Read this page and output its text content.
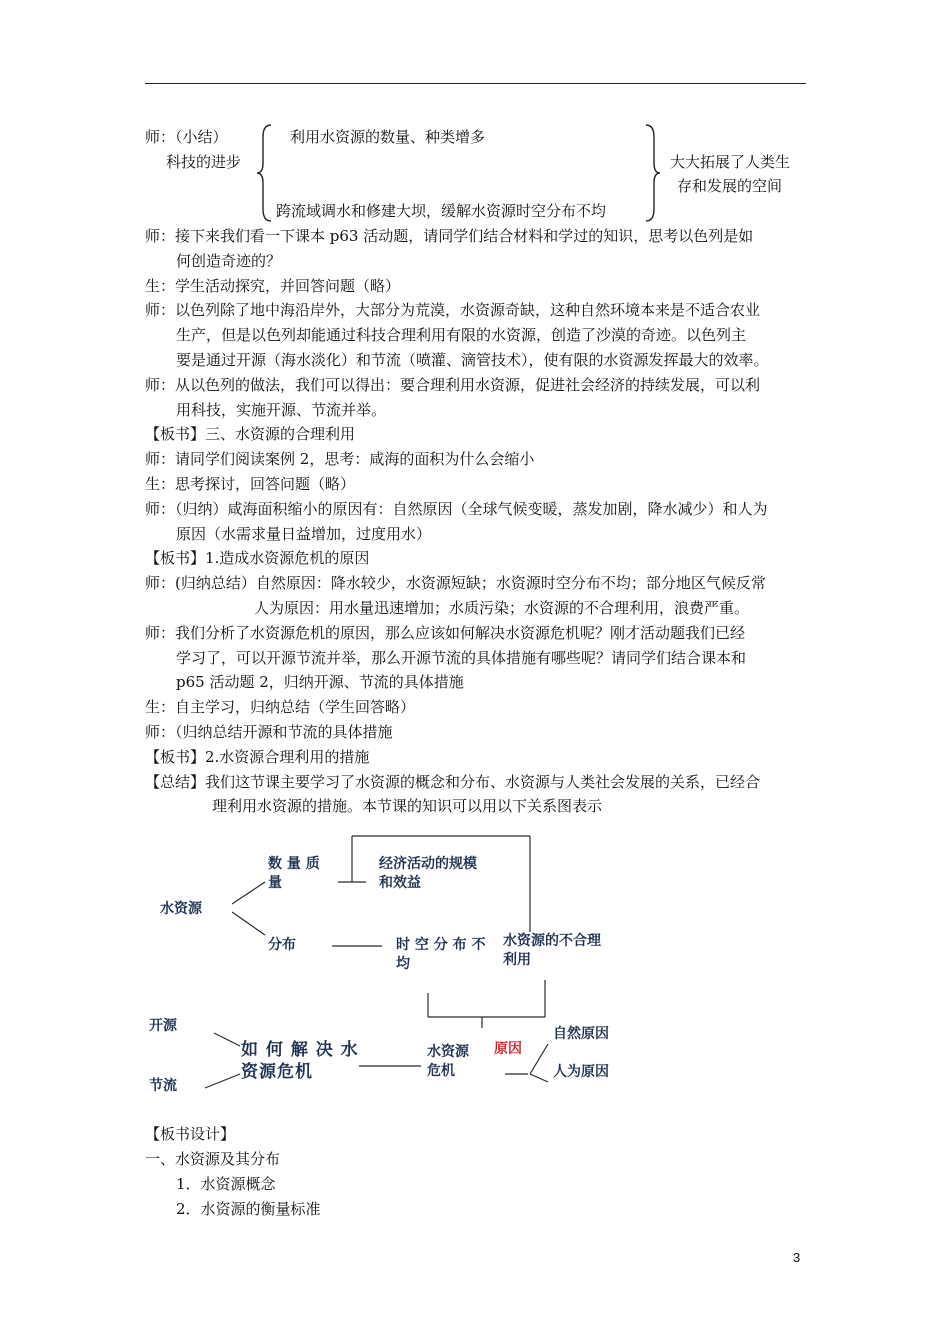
师：（小结）
科技的进步
利用水资源的数量、种类增多
跨流域调水和修建大坝，缓解水资源时空分布不均
大大拓展了人类生
存和发展的空间
师：接下来我们看一下课本 p63 活动题，请同学们结合材料和学过的知识，思考以色列是如
何创造奇迹的？
生：学生活动探究，并回答问题（略）
师：以色列除了地中海沿岸外，大部分为荒漠，水资源奇缺，这种自然环境本来是不适合农业
生产，但是以色列却能通过科技合理利用有限的水资源，创造了沙漠的奇迹。以色列主
要是通过开源（海水淡化）和节流（喷灌、滴管技术），使有限的水资源发挥最大的效率。
师：从以色列的做法，我们可以得出：要合理利用水资源，促进社会经济的持续发展，可以利
用科技，实施开源、节流并举。
【板书】三、水资源的合理利用
师：请同学们阅读案例 2，思考：咸海的面积为什么会缩小
生：思考探讨，回答问题（略）
师：（归纳）咸海面积缩小的原因有：自然原因（全球气候变暖，蒸发加剧，降水减少）和人为
原因（水需求量日益增加，过度用水）
【板书】1.造成水资源危机的原因
师：(归纳总结）自然原因：降水较少，水资源短缺；水资源时空分布不均；部分地区气候反常
人为原因：用水量迅速增加；水质污染；水资源的不合理利用，浪费严重。
师：我们分析了水资源危机的原因，那么应该如何解决水资源危机呢？刚才活动题我们已经
学习了，可以开源节流并举，那么开源节流的具体措施有哪些呢？请同学们结合课本和
p65 活动题 2，归纳开源、节流的具体措施
生：自主学习，归纳总结（学生回答略）
师：（归纳总结开源和节流的具体措施
【板书】2.水资源合理利用的措施
【总结】我们这节课主要学习了水资源的概念和分布、水资源与人类社会发展的关系，已经合
理利用水资源的措施。本节课的知识可以用以下关系图表示
数 量 质
量
经济活动的规模
和效益
水资源
分布	时 空 分 布 不
均
水资源的不合理
利用
开源
如 何 解 决 水
资源危机
节流
水资源
危机
原因
自然原因
人为原因
【板书设计】
一、水资源及其分布
1．水资源概念
2．水资源的衡量标准
3
